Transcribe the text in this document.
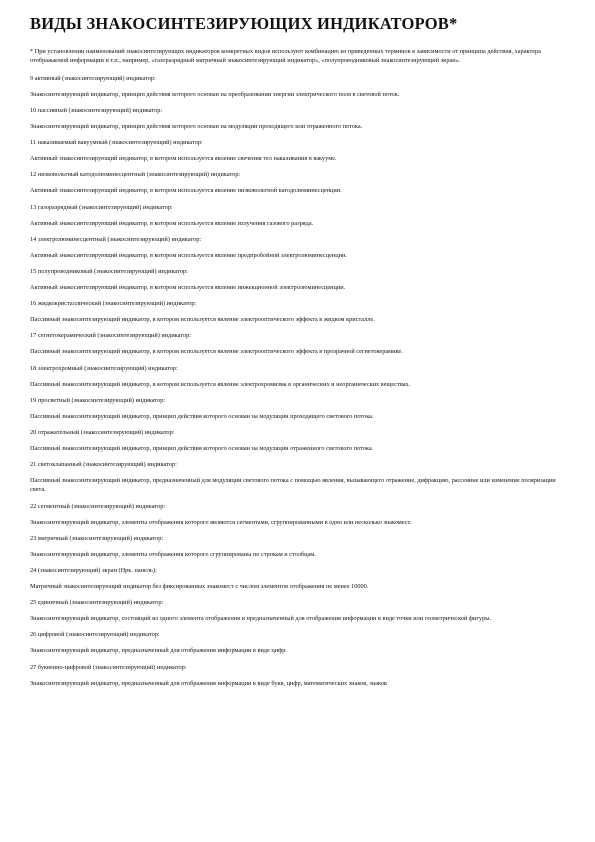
ВИДЫ ЗНАКОСИНТЕЗИРУЮЩИХ ИНДИКАТОРОВ*

* При установлении наименований знакосинтезирующих индикаторов конкретных видов используют комбинацию из приведенных терминов в зависимости от принципа действия, характера отображаемой информации и т.п., например, «газоразрядный матричный знакосинтезирующий индикатор», «полупроводниковый знакосинтезирующий экран».

9 активный (знакосинтезирующий) индикатор:

Знакосинтезирующий индикатор, принцип действия которого основан на преобразовании энергии электрического поля в световой поток.

10 пассивный (знакосинтезирующий) индикатор:

Знакосинтезирующий индикатор, принцип действия которого основан на модуляции проходящего или отраженного потока.

11 накаливаемый вакуумный (знакосинтезирующий) индикатор:

Активный знакосинтезирующий индикатор, в котором используется явление свечения тел накаливания в вакууме.

12 низковольтный катодолюминесцентный (знакосинтезирующий) индикатор:

Активный знакосинтезирующий индикатор, в котором используется явление низковольтной катодолюминесценции.

13 газоразрядный (знакосинтезирующий) индикатор:

Активный знакосинтезирующий индикатор, в котором используется явление излучения газового разряда.

14 электролюминесцентный (знакосинтезирующий) индикатор:

Активный знакосинтезирующий индикатор, в котором используется явление предпробойной электролюминесценции.

15 полупроводниковый (знакосинтезирующий) индикатор:

Активный знакосинтезирующий индикатор, в котором используется явление инжекционной электролюминесценции.

16 жидкокристаллический (знакосинтезирующий) индикатор:

Пассивный знакосинтезирующий индикатор, в котором используется явление электрооптического эффекта в жидком кристалле.

17 сегнетокерамический (знакосинтезирующий) индикатор:

Пассивный знакосинтезирующий индикатор, в котором используется явление электрооптического эффекта в прозрачной сегнетокерамике.

18 электрохромный (знакосинтезирующий) индикатор:

Пассивный знакосинтезирующий индикатор, в котором используется явление электрохромизма в органических и неорганических веществах.

19 просветный (знакосинтезирующий) индикатор:

Пассивный знакосинтезирующий индикатор, принцип действия которого основан на модуляции проходящего светового потока.

20 отражательный (знакосинтезирующий) индикатор:

Пассивный знакосинтезирующий индикатор, принцип действия которого основан на модуляции отраженного светового потока.

21 светоклапанный (знакосинтезирующий) индикатор:

Пассивный знакосинтезирующий индикатор, предназначенный для модуляции светового потока с помощью явления, вызывающего отражение, дифракцию, рассеяние или изменение поляризации света.

22 сегментный (знакосинтезирующий) индикатор:

Знакосинтезирующий индикатор, элементы отображения которого являются сегментами, сгруппированными в одно или несколько знакомест.

23 матричный (знакосинтезирующий) индикатор:

Знакосинтезирующий индикатор, элементы отображения которого сгруппированы по строкам и столбцам.

24 (знакосинтезирующий) экран (Нрк. панель):

Матричный знакосинтезирующий индикатор без фиксированных знакомест с числом элементов отображения не менее 10000.

25 единичный (знакосинтезирующий) индикатор:

Знакосинтезирующий индикатор, состоящий из одного элемента отображения и предназначенный для отображения информации в виде точки или геометрической фигуры.

26 цифровой (знакосинтезирующий) индикатор:

Знакосинтезирующий индикатор, предназначенный для отображения информации в виде цифр.

27 буквенно-цифровой (знакосинтезирующий) индикатор:

Знакосинтезирующий индикатор, предназначенный для отображения информации в виде букв, цифр, математических знаков, знаков
